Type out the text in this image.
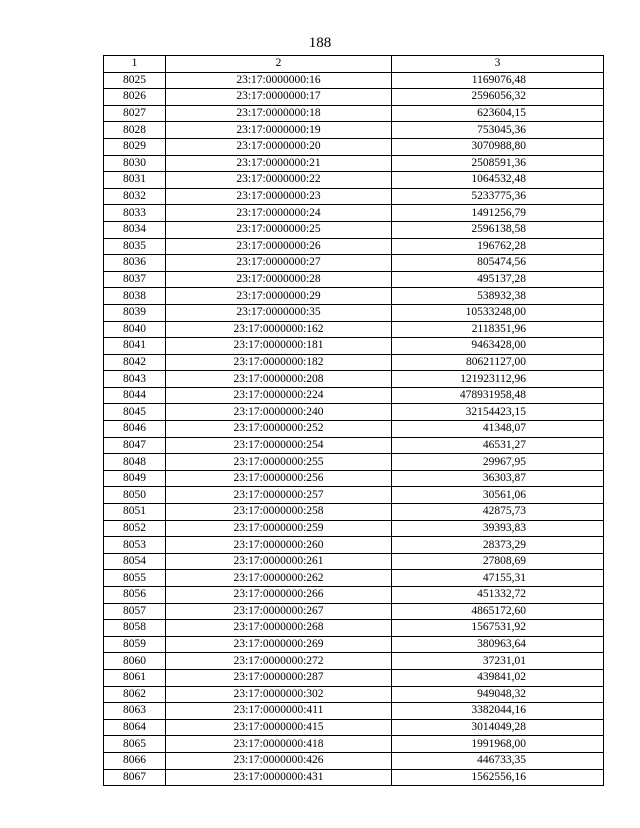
188
1	2	3
8025	23:17:0000000:16	1169076,48
8026	23:17:0000000:17	2596056,32
8027	23:17:0000000:18	623604,15
8028	23:17:0000000:19	753045,36
8029	23:17:0000000:20	3070988,80
8030	23:17:0000000:21	2508591,36
8031	23:17:0000000:22	1064532,48
8032	23:17:0000000:23	5233775,36
8033	23:17:0000000:24	1491256,79
8034	23:17:0000000:25	2596138,58
8035	23:17:0000000:26	196762,28
8036	23:17:0000000:27	805474,56
8037	23:17:0000000:28	495137,28
8038	23:17:0000000:29	538932,38
8039	23:17:0000000:35	10533248,00
8040	23:17:0000000:162	2118351,96
8041	23:17:0000000:181	9463428,00
8042	23:17:0000000:182	80621127,00
8043	23:17:0000000:208	121923112,96
8044	23:17:0000000:224	478931958,48
8045	23:17:0000000:240	32154423,15
8046	23:17:0000000:252	41348,07
8047	23:17:0000000:254	46531,27
8048	23:17:0000000:255	29967,95
8049	23:17:0000000:256	36303,87
8050	23:17:0000000:257	30561,06
8051	23:17:0000000:258	42875,73
8052	23:17:0000000:259	39393,83
8053	23:17:0000000:260	28373,29
8054	23:17:0000000:261	27808,69
8055	23:17:0000000:262	47155,31
8056	23:17:0000000:266	451332,72
8057	23:17:0000000:267	4865172,60
8058	23:17:0000000:268	1567531,92
8059	23:17:0000000:269	380963,64
8060	23:17:0000000:272	37231,01
8061	23:17:0000000:287	439841,02
8062	23:17:0000000:302	949048,32
8063	23:17:0000000:411	3382044,16
8064	23:17:0000000:415	3014049,28
8065	23:17:0000000:418	1991968,00
8066	23:17:0000000:426	446733,35
8067	23:17:0000000:431	1562556,16
